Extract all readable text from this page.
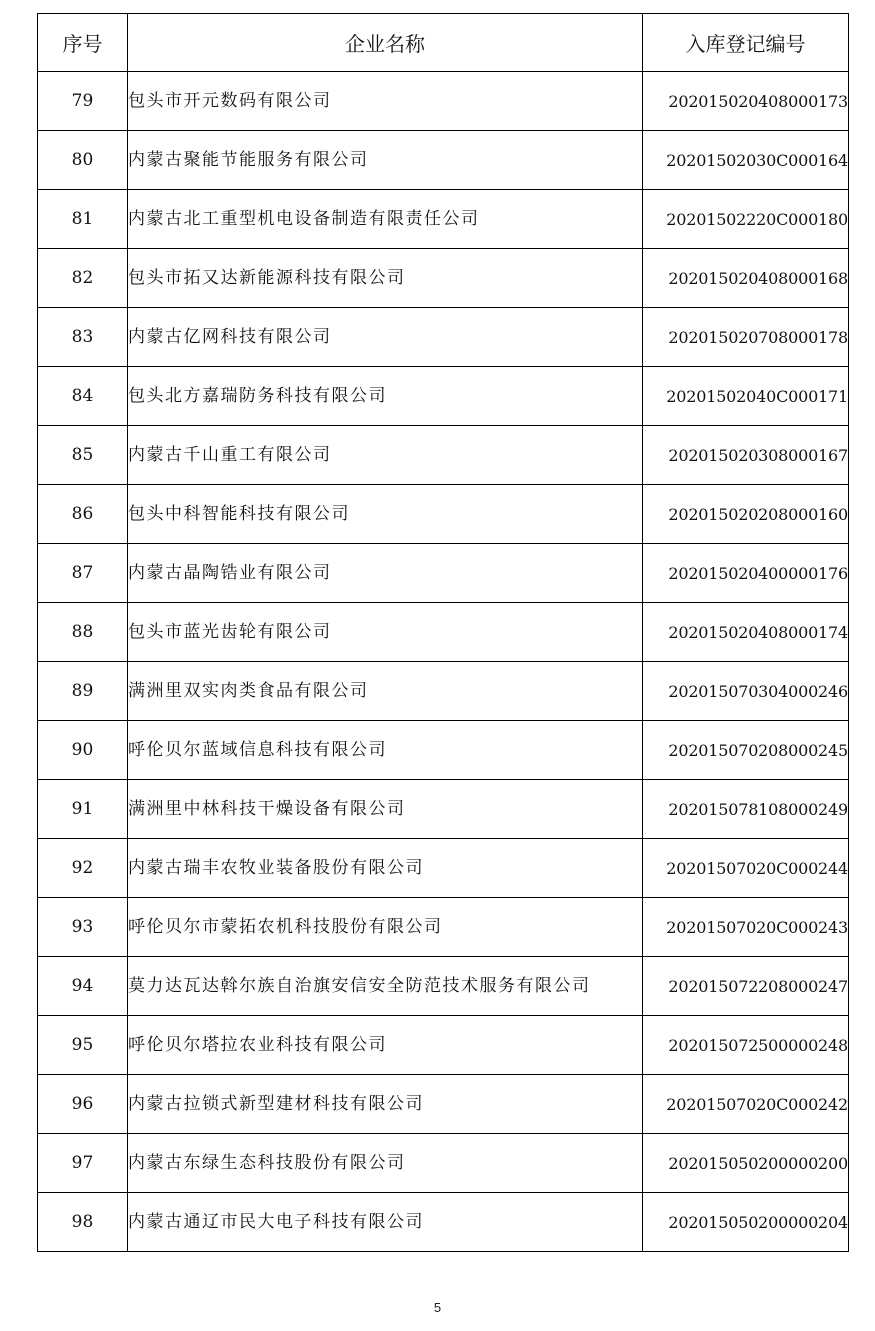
序号	企业名称	入库登记编号
79	包头市开元数码有限公司	202015020408000173
80	内蒙古聚能节能服务有限公司	20201502030C000164
81	内蒙古北工重型机电设备制造有限责任公司	20201502220C000180
82	包头市拓又达新能源科技有限公司	202015020408000168
83	内蒙古亿网科技有限公司	202015020708000178
84	包头北方嘉瑞防务科技有限公司	20201502040C000171
85	内蒙古千山重工有限公司	202015020308000167
86	包头中科智能科技有限公司	202015020208000160
87	内蒙古晶陶锆业有限公司	202015020400000176
88	包头市蓝光齿轮有限公司	202015020408000174
89	满洲里双实肉类食品有限公司	202015070304000246
90	呼伦贝尔蓝域信息科技有限公司	202015070208000245
91	满洲里中林科技干燥设备有限公司	202015078108000249
92	内蒙古瑞丰农牧业装备股份有限公司	20201507020C000244
93	呼伦贝尔市蒙拓农机科技股份有限公司	20201507020C000243
94	莫力达瓦达斡尔族自治旗安信安全防范技术服务有限公司	202015072208000247
95	呼伦贝尔塔拉农业科技有限公司	202015072500000248
96	内蒙古拉锁式新型建材科技有限公司	20201507020C000242
97	内蒙古东绿生态科技股份有限公司	202015050200000200
98	内蒙古通辽市民大电子科技有限公司	202015050200000204
5
